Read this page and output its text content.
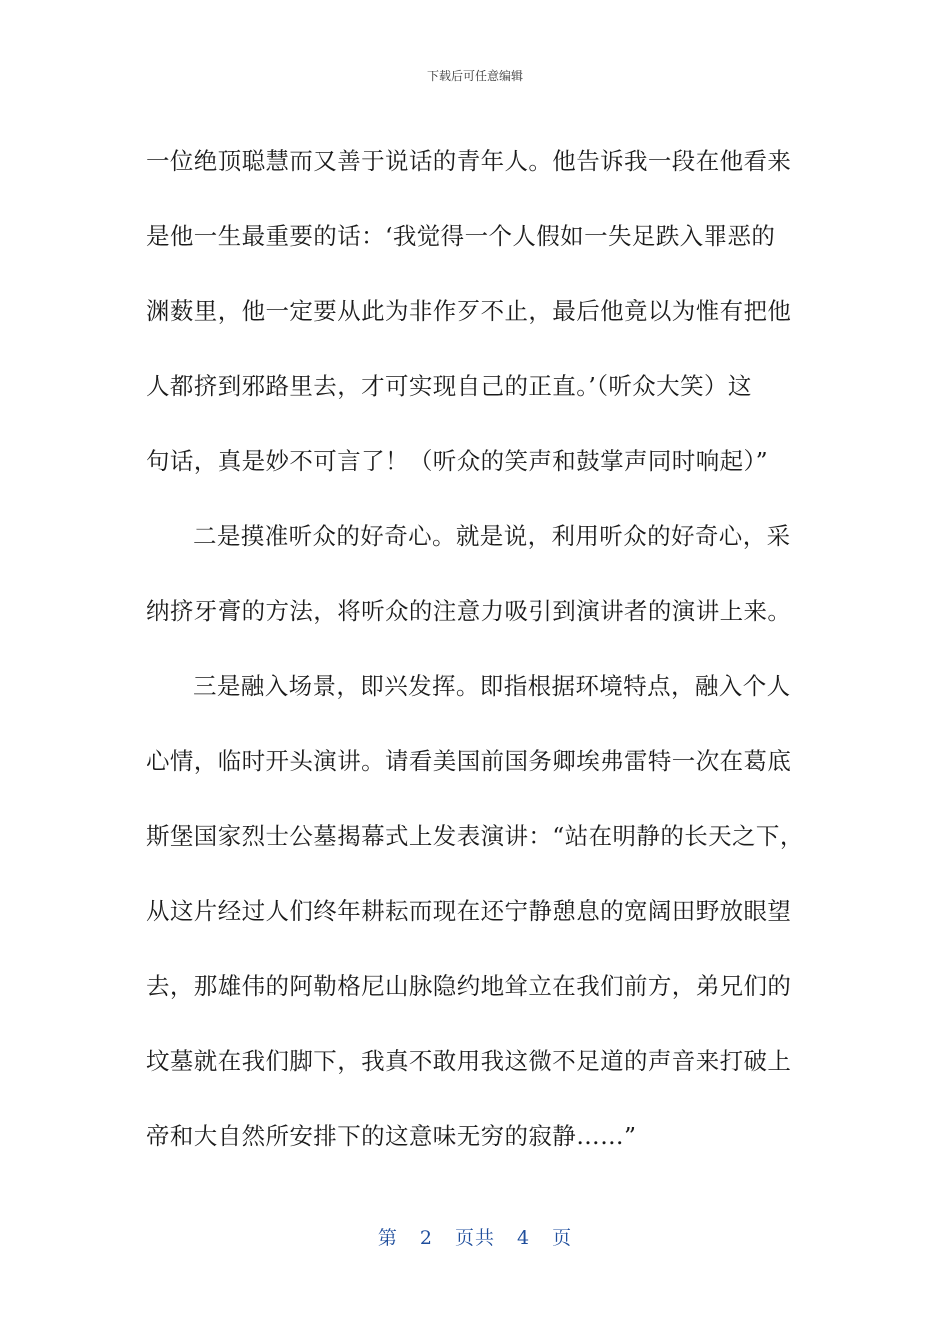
下载后可任意编辑

一位绝顶聪慧而又善于说话的青年人。他告诉我一段在他看来
是他一生最重要的话：‘我觉得一个人假如一失足跌入罪恶的
渊薮里，他一定要从此为非作歹不止，最后他竟以为惟有把他
人都挤到邪路里去，才可实现自己的正直。’（听众大笑）这
句话，真是妙不可言了！（听众的笑声和鼓掌声同时响起）”

二是摸准听众的好奇心。就是说，利用听众的好奇心，采
纳挤牙膏的方法，将听众的注意力吸引到演讲者的演讲上来。

三是融入场景，即兴发挥。即指根据环境特点，融入个人
心情，临时开头演讲。请看美国前国务卿埃弗雷特一次在葛底
斯堡国家烈士公墓揭幕式上发表演讲：“站在明静的长天之下，
从这片经过人们终年耕耘而现在还宁静憩息的宽阔田野放眼望
去，那雄伟的阿勒格尼山脉隐约地耸立在我们前方，弟兄们的
坟墓就在我们脚下，我真不敢用我这微不足道的声音来打破上
帝和大自然所安排下的这意味无穷的寂静……”

第 2 页共 4 页
